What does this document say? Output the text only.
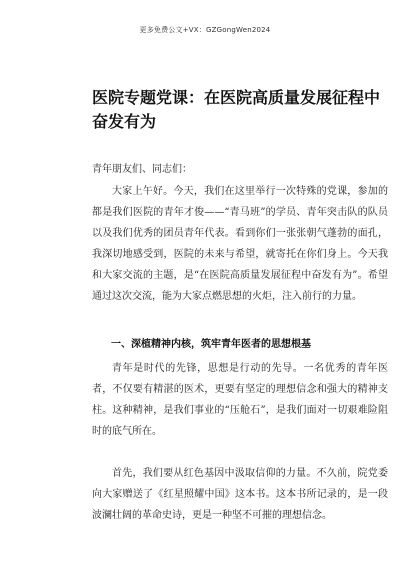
更多免费公文+VX：GZGongWen2024
医院专题党课：在医院高质量发展征程中奋发有为

青年朋友们、同志们：

大家上午好。今天，我们在这里举行一次特殊的党课，参加的都是我们医院的青年才俊——“青马班”的学员、青年突击队的队员以及我们优秀的团员青年代表。看到你们一张张朝气蓬勃的面孔，我深切地感受到，医院的未来与希望，就寄托在你们身上。今天我和大家交流的主题，是“在医院高质量发展征程中奋发有为”。希望通过这次交流，能为大家点燃思想的火炬，注入前行的力量。

一、深植精神内核，筑牢青年医者的思想根基

青年是时代的先锋，思想是行动的先导。一名优秀的青年医者，不仅要有精湛的医术，更要有坚定的理想信念和强大的精神支柱。这种精神，是我们事业的“压舱石”，是我们面对一切艰难险阻时的底气所在。

首先，我们要从红色基因中汲取信仰的力量。不久前，院党委向大家赠送了《红星照耀中国》这本书。这本书所记录的，是一段波澜壮阔的革命史诗，更是一种坚不可摧的理想信念。
